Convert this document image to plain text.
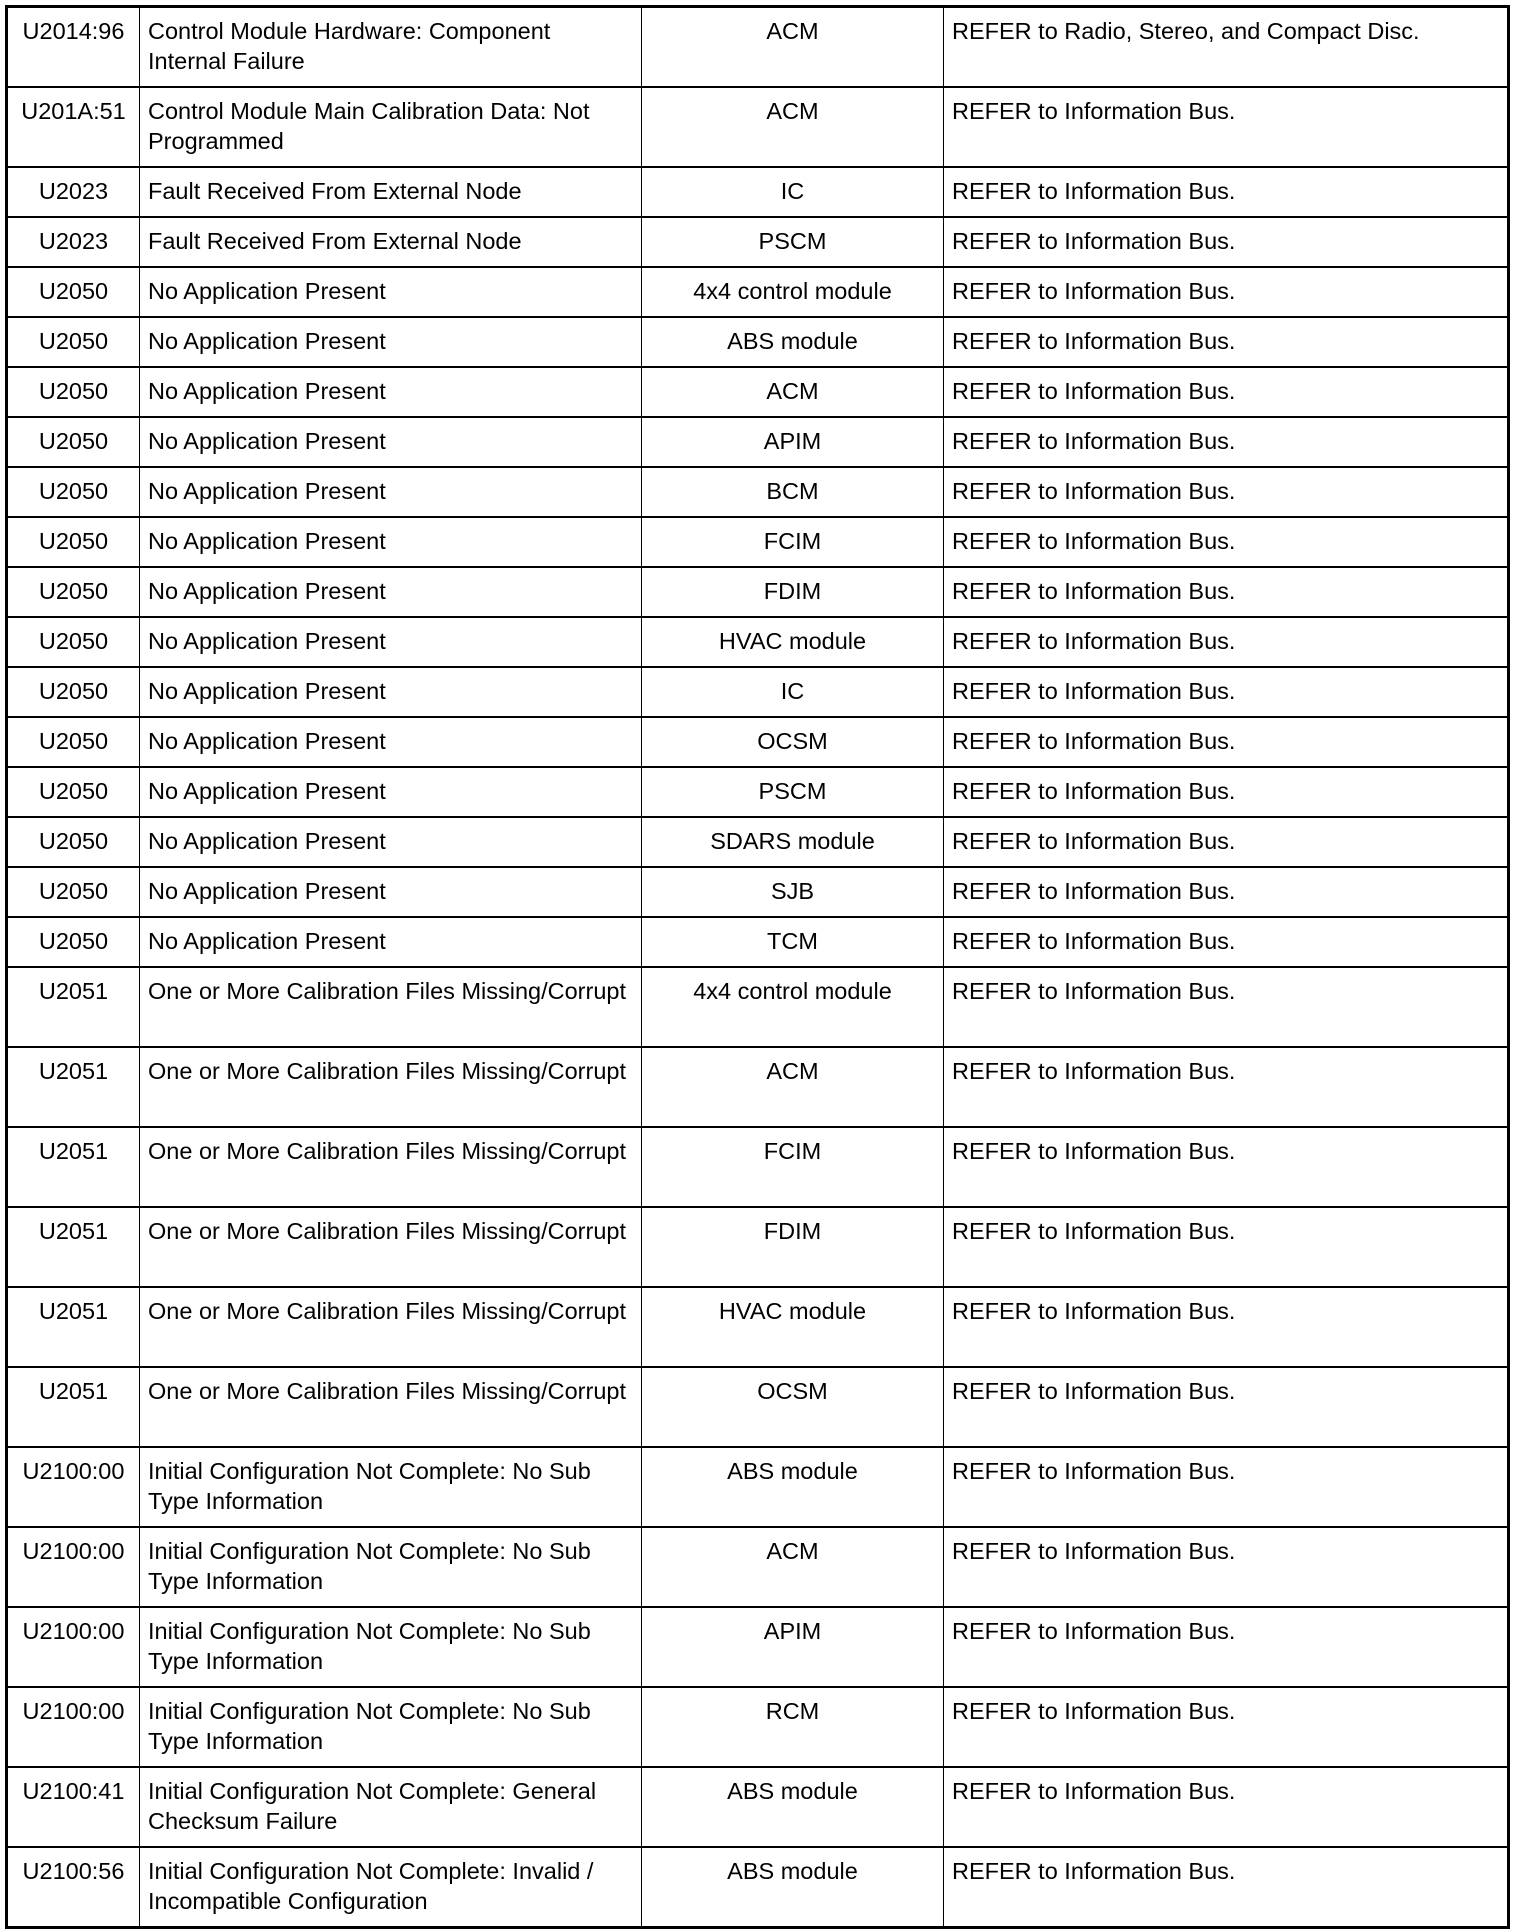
U2014:96	Control Module Hardware: Component Internal Failure	ACM	REFER to Radio, Stereo, and Compact Disc.
U201A:51	Control Module Main Calibration Data: Not Programmed	ACM	REFER to Information Bus.
U2023	Fault Received From External Node	IC	REFER to Information Bus.
U2023	Fault Received From External Node	PSCM	REFER to Information Bus.
U2050	No Application Present	4x4 control module	REFER to Information Bus.
U2050	No Application Present	ABS module	REFER to Information Bus.
U2050	No Application Present	ACM	REFER to Information Bus.
U2050	No Application Present	APIM	REFER to Information Bus.
U2050	No Application Present	BCM	REFER to Information Bus.
U2050	No Application Present	FCIM	REFER to Information Bus.
U2050	No Application Present	FDIM	REFER to Information Bus.
U2050	No Application Present	HVAC module	REFER to Information Bus.
U2050	No Application Present	IC	REFER to Information Bus.
U2050	No Application Present	OCSM	REFER to Information Bus.
U2050	No Application Present	PSCM	REFER to Information Bus.
U2050	No Application Present	SDARS module	REFER to Information Bus.
U2050	No Application Present	SJB	REFER to Information Bus.
U2050	No Application Present	TCM	REFER to Information Bus.
U2051	One or More Calibration Files Missing/Corrupt	4x4 control module	REFER to Information Bus.
U2051	One or More Calibration Files Missing/Corrupt	ACM	REFER to Information Bus.
U2051	One or More Calibration Files Missing/Corrupt	FCIM	REFER to Information Bus.
U2051	One or More Calibration Files Missing/Corrupt	FDIM	REFER to Information Bus.
U2051	One or More Calibration Files Missing/Corrupt	HVAC module	REFER to Information Bus.
U2051	One or More Calibration Files Missing/Corrupt	OCSM	REFER to Information Bus.
U2100:00	Initial Configuration Not Complete: No Sub Type Information	ABS module	REFER to Information Bus.
U2100:00	Initial Configuration Not Complete: No Sub Type Information	ACM	REFER to Information Bus.
U2100:00	Initial Configuration Not Complete: No Sub Type Information	APIM	REFER to Information Bus.
U2100:00	Initial Configuration Not Complete: No Sub Type Information	RCM	REFER to Information Bus.
U2100:41	Initial Configuration Not Complete: General Checksum Failure	ABS module	REFER to Information Bus.
U2100:56	Initial Configuration Not Complete: Invalid / Incompatible Configuration	ABS module	REFER to Information Bus.
